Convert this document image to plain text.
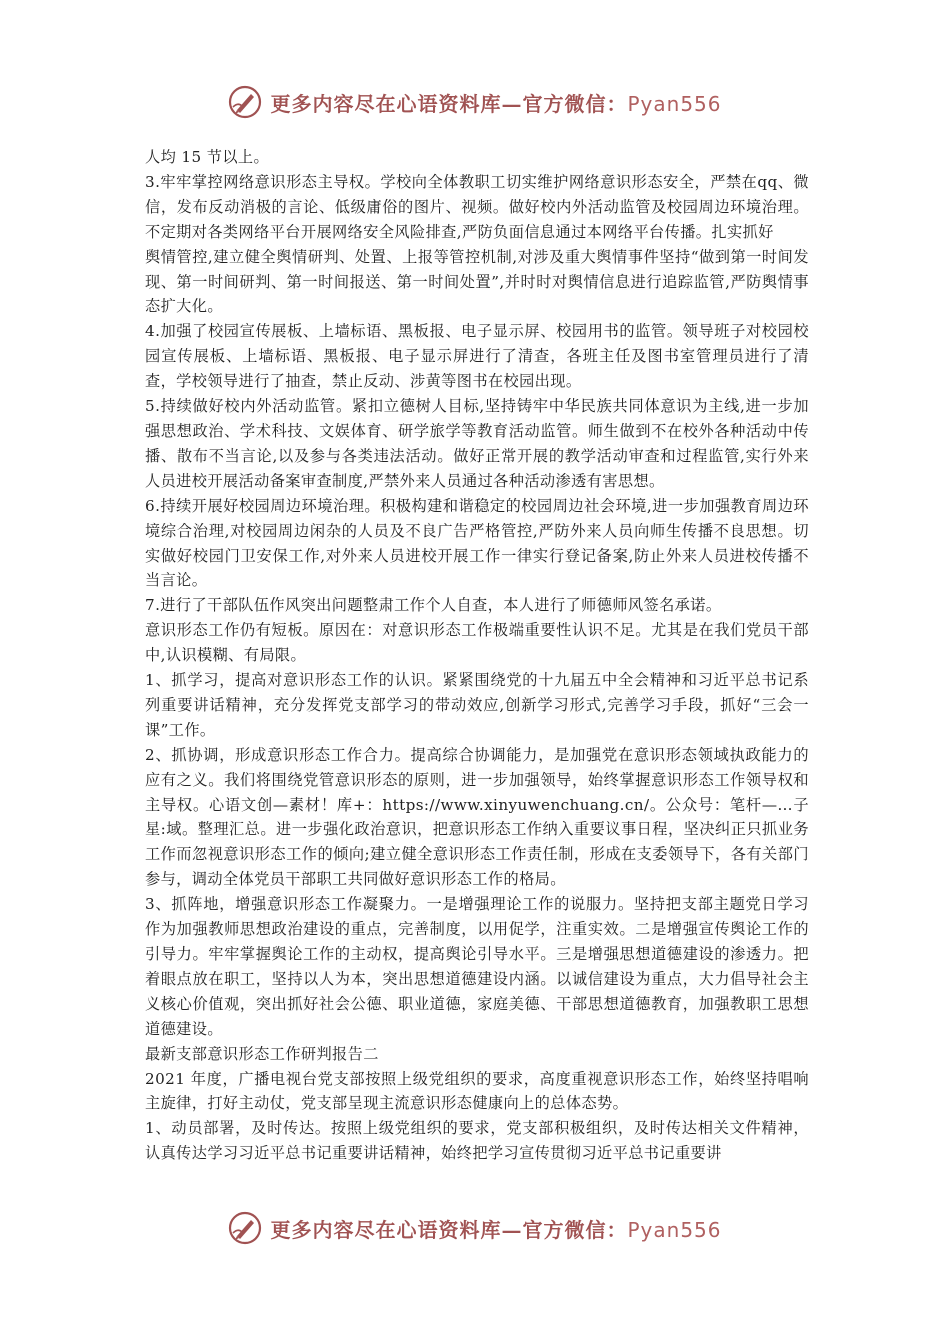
更多内容尽在心语资料库—官方微信：Pyan556

人均 15 节以上。

3.牢牢掌控网络意识形态主导权。学校向全体教职工切实维护网络意识形态安全，严禁在qq、微信，发布反动消极的言论、低级庸俗的图片、视频。做好校内外活动监管及校园周边环境治理。不定期对各类网络平台开展网络安全风险排查,严防负面信息通过本网络平台传播。扎实抓好

舆情管控,建立健全舆情研判、处置、上报等管控机制,对涉及重大舆情事件坚持“做到第一时间发现、第一时间研判、第一时间报送、第一时间处置”,并时时对舆情信息进行追踪监管,严防舆情事态扩大化。

4.加强了校园宣传展板、上墙标语、黑板报、电子显示屏、校园用书的监管。领导班子对校园校园宣传展板、上墙标语、黑板报、电子显示屏进行了清查，各班主任及图书室管理员进行了清查，学校领导进行了抽查，禁止反动、涉黄等图书在校园出现。

5.持续做好校内外活动监管。紧扣立德树人目标,坚持铸牢中华民族共同体意识为主线,进一步加强思想政治、学术科技、文娱体育、研学旅学等教育活动监管。师生做到不在校外各种活动中传播、散布不当言论,以及参与各类违法活动。做好正常开展的教学活动审查和过程监管,实行外来人员进校开展活动备案审查制度,严禁外来人员通过各种活动渗透有害思想。

6.持续开展好校园周边环境治理。积极构建和谐稳定的校园周边社会环境,进一步加强教育周边环境综合治理,对校园周边闲杂的人员及不良广告严格管控,严防外来人员向师生传播不良思想。切实做好校园门卫安保工作,对外来人员进校开展工作一律实行登记备案,防止外来人员进校传播不当言论。

7.进行了干部队伍作风突出问题整肃工作个人自查，本人进行了师德师风签名承诺。

意识形态工作仍有短板。原因在：对意识形态工作极端重要性认识不足。尤其是在我们党员干部中,认识模糊、有局限。

1、抓学习，提高对意识形态工作的认识。紧紧围绕党的十九届五中全会精神和习近平总书记系列重要讲话精神，充分发挥党支部学习的带动效应,创新学习形式,完善学习手段，抓好“三会一课”工作。

2、抓协调，形成意识形态工作合力。提高综合协调能力，是加强党在意识形态领域执政能力的应有之义。我们将围绕党管意识形态的原则，进一步加强领导，始终掌握意识形态工作领导权和主导权。心语文创—素材！库+：https://www.xinyuwenchuang.cn/。公众号：笔杆—…子星:域。整理汇总。进一步强化政治意识，把意识形态工作纳入重要议事日程，坚决纠正只抓业务工作而忽视意识形态工作的倾向;建立健全意识形态工作责任制，形成在支委领导下，各有关部门参与，调动全体党员干部职工共同做好意识形态工作的格局。

3、抓阵地，增强意识形态工作凝聚力。一是增强理论工作的说服力。坚持把支部主题党日学习作为加强教师思想政治建设的重点，完善制度，以用促学，注重实效。二是增强宣传舆论工作的引导力。牢牢掌握舆论工作的主动权，提高舆论引导水平。三是增强思想道德建设的渗透力。把着眼点放在职工，坚持以人为本，突出思想道德建设内涵。以诚信建设为重点，大力倡导社会主义核心价值观，突出抓好社会公德、职业道德，家庭美德、干部思想道德教育，加强教职工思想道德建设。

最新支部意识形态工作研判报告二

2021 年度，广播电视台党支部按照上级党组织的要求，高度重视意识形态工作，始终坚持唱响主旋律，打好主动仗，党支部呈现主流意识形态健康向上的总体态势。

1、动员部署，及时传达。按照上级党组织的要求，党支部积极组织，及时传达相关文件精神，认真传达学习习近平总书记重要讲话精神，始终把学习宣传贯彻习近平总书记重要讲

更多内容尽在心语资料库—官方微信：Pyan556
